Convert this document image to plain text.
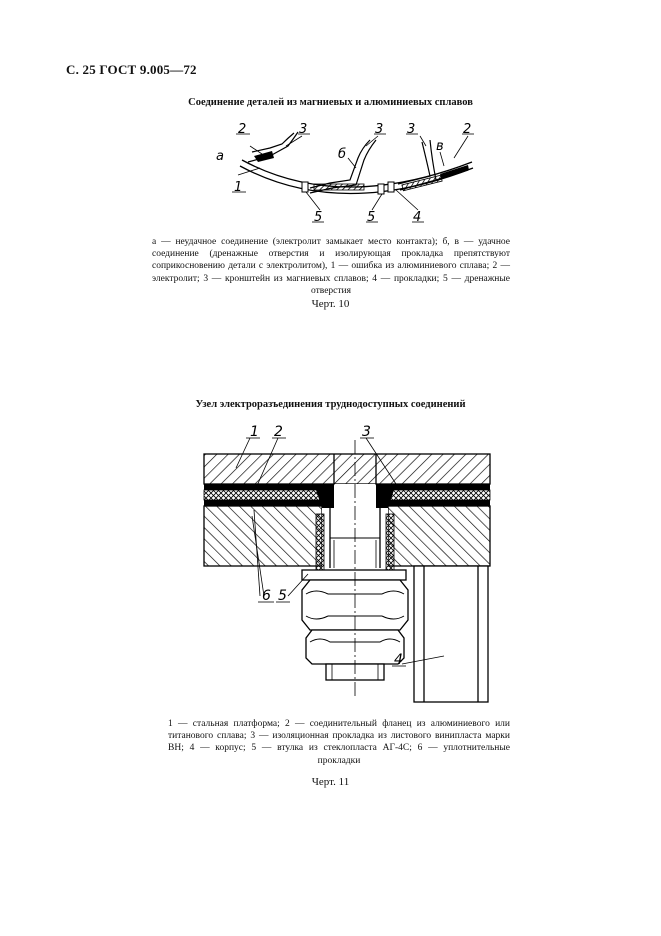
С. 25 ГОСТ 9.005—72
Соединение деталей из магниевых и алюминиевых сплавов
2	3
а
1
3
б
3
в
2
5	5	4
а — неудачное соединение (электролит замыкает место контакта); б, в — удачное соединение (дренажные отверстия и изолирующая прокладка препятствуют соприкосновению детали с электролитом), 1 — ошибка из алюминиевого сплава; 2 — электролит; 3 — кронштейн из магниевых сплавов; 4 — прокладки; 5 — дренажные отверстия
Черт. 10
Узел электроразъединения труднодоступных соединений
1 2	3
6 5
4
1 — стальная платформа; 2 — соединительный фланец из алюминиевого или титанового сплава; 3 — изоляционная прокладка из листового винипласта марки ВН; 4 — корпус; 5 — втулка из стеклопласта АГ-4С; 6 — уплотнительные прокладки
Черт. 11
